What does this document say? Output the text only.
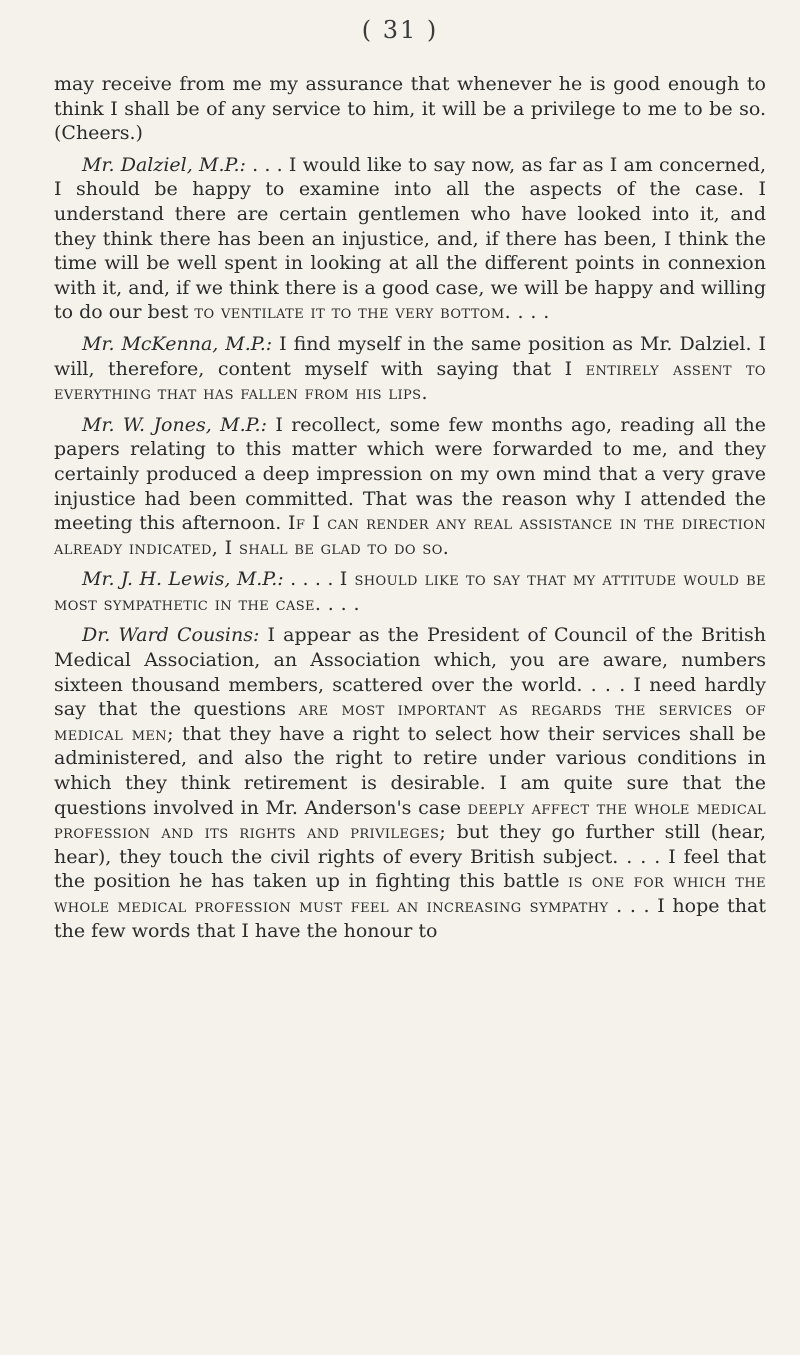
( 31 )

may receive from me my assurance that whenever he is good enough to think I shall be of any service to him, it will be a privilege to me to be so. (Cheers.)

Mr. Dalziel, M.P.: . . . I would like to say now, as far as I am concerned, I should be happy to examine into all the aspects of the case. I understand there are certain gentlemen who have looked into it, and they think there has been an injustice, and, if there has been, I think the time will be well spent in looking at all the different points in connexion with it, and, if we think there is a good case, we will be happy and willing to do our best to ventilate it to the very bottom. . . .

Mr. McKenna, M.P.: I find myself in the same position as Mr. Dalziel. I will, therefore, content myself with saying that I entirely assent to everything that has fallen from his lips.

Mr. W. Jones, M.P.: I recollect, some few months ago, reading all the papers relating to this matter which were forwarded to me, and they certainly produced a deep impression on my own mind that a very grave injustice had been committed. That was the reason why I attended the meeting this afternoon. If I can render any real assistance in the direction already indicated, I shall be glad to do so.

Mr. J. H. Lewis, M.P.: . . . . I should like to say that my attitude would be most sympathetic in the case. . . .

Dr. Ward Cousins: I appear as the President of Council of the British Medical Association, an Association which, you are aware, numbers sixteen thousand members, scattered over the world. . . . I need hardly say that the questions are most important as regards the services of medical men; that they have a right to select how their services shall be administered, and also the right to retire under various conditions in which they think retirement is desirable. I am quite sure that the questions involved in Mr. Anderson's case deeply affect the whole medical profession and its rights and privileges; but they go further still (hear, hear), they touch the civil rights of every British subject. . . . I feel that the position he has taken up in fighting this battle is one for which the whole medical profession must feel an increasing sympathy . . . I hope that the few words that I have the honour to
